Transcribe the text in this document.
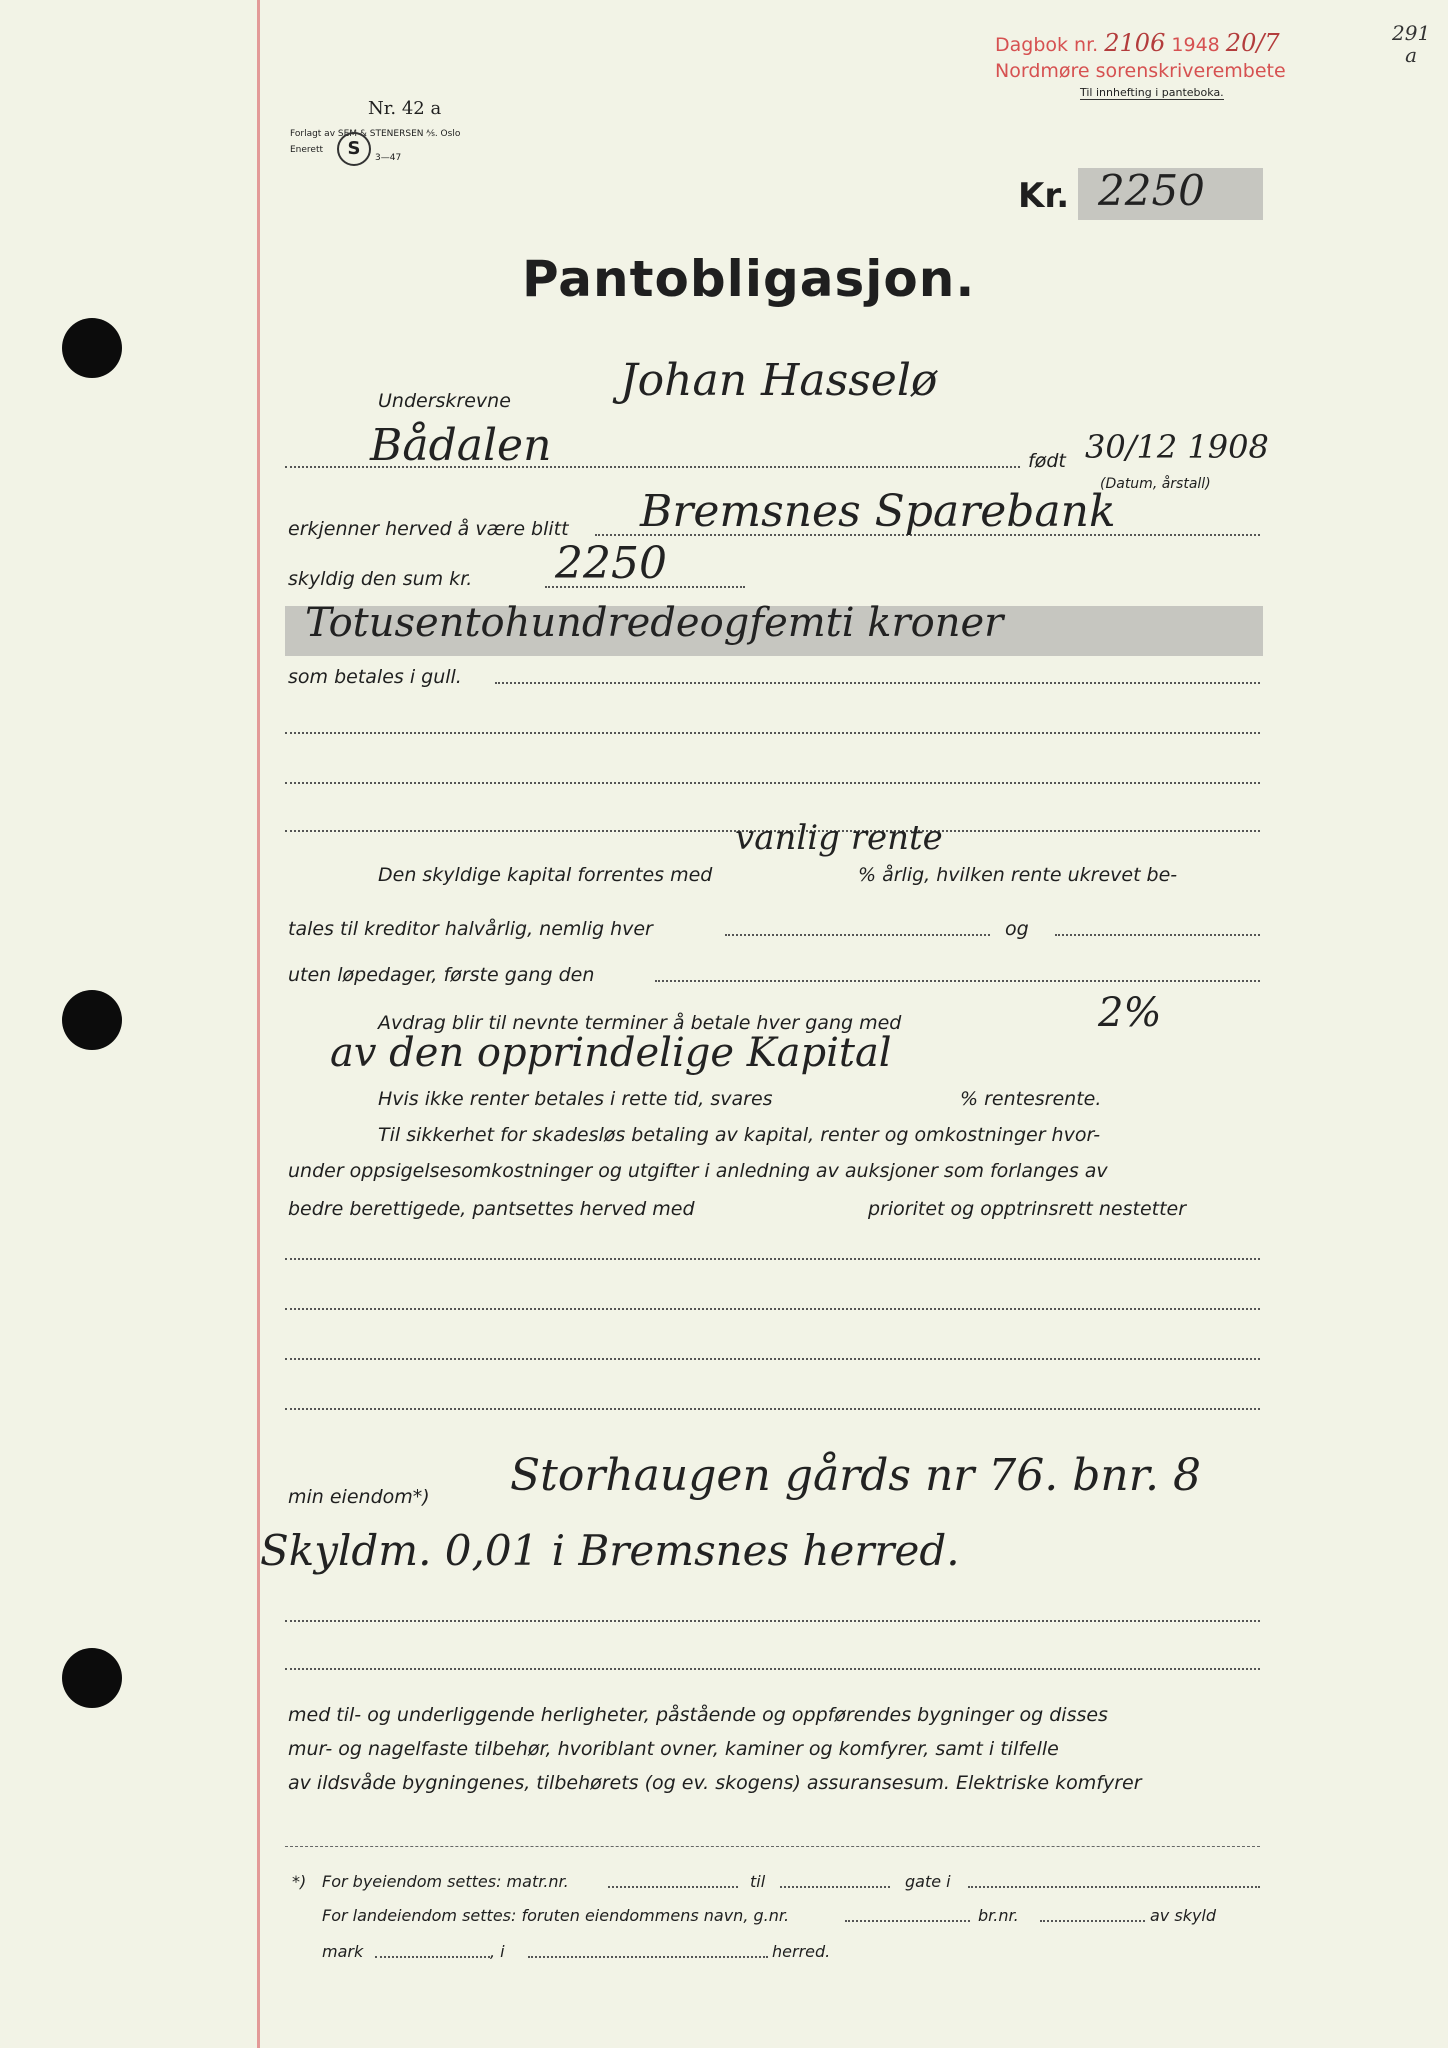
Nr. 42 a
Forlagt av SEM & STENERSEN ⅍. Oslo
S
Enerett
3—47
Dagbok nr. 2106 1948 20/7
Nordmøre sorenskriverembete
Til innhefting i panteboka.
291
a
Kr. 2250
Pantobligasjon.
Underskrevne Johan Hasselø
Bådalen	født 30/12 1908
(Datum, årstall)
erkjenner herved å være blitt Bremsnes Sparebank
skyldig den sum kr. 2250
Totusentohundredeogfemti kroner
som betales i gull.
vanlig rente
Den skyldige kapital forrentes med	% årlig, hvilken rente ukrevet be-
tales til kreditor halvårlig, nemlig hver	og
uten løpedager, første gang den
Avdrag blir til nevnte terminer å betale hver gang med	2%
av den opprindelige Kapital
Hvis ikke renter betales i rette tid, svares	% rentesrente.
Til sikkerhet for skadesløs betaling av kapital, renter og omkostninger hvor-
under oppsigelsesomkostninger og utgifter i anledning av auksjoner som forlanges av
bedre berettigede, pantsettes herved med	prioritet og opptrinsrett nestetter
min eiendom*) Storhaugen gårds nr 76. bnr. 8
Skyldm. 0,01 i Bremsnes herred.
med til- og underliggende herligheter, påstående og oppførendes bygninger og disses
mur- og nagelfaste tilbehør, hvoriblant ovner, kaminer og komfyrer, samt i tilfelle
av ildsvåde bygningenes, tilbehørets (og ev. skogens) assuransesum. Elektriske komfyrer
*) For byeiendom settes: matr.nr.	til	gate i
For landeiendom settes: foruten eiendommens navn, g.nr.	br.nr.	av skyld
mark	, i	herred.
